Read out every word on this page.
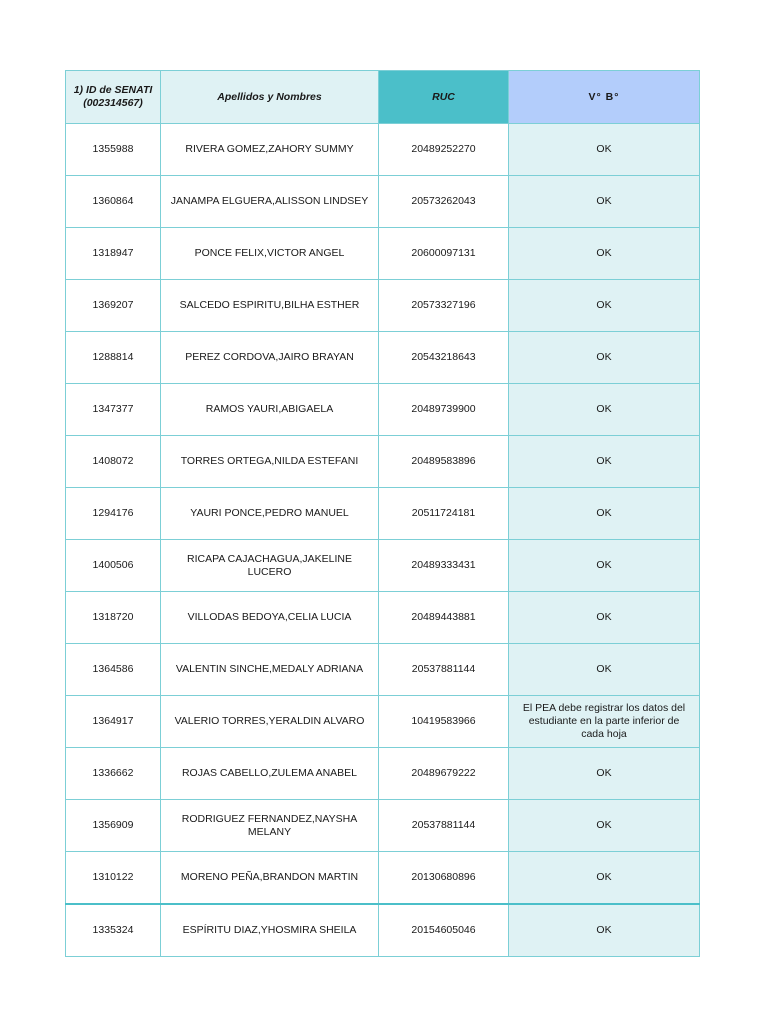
1) ID de SENATI (002314567)	Apellidos y Nombres	RUC	V° B°
1355988	RIVERA GOMEZ,ZAHORY SUMMY	20489252270	OK
1360864	JANAMPA ELGUERA,ALISSON LINDSEY	20573262043	OK
1318947	PONCE FELIX,VICTOR ANGEL	20600097131	OK
1369207	SALCEDO ESPIRITU,BILHA ESTHER	20573327196	OK
1288814	PEREZ CORDOVA,JAIRO BRAYAN	20543218643	OK
1347377	RAMOS YAURI,ABIGAELA	20489739900	OK
1408072	TORRES ORTEGA,NILDA ESTEFANI	20489583896	OK
1294176	YAURI PONCE,PEDRO MANUEL	20511724181	OK
1400506	RICAPA CAJACHAGUA,JAKELINE LUCERO	20489333431	OK
1318720	VILLODAS BEDOYA,CELIA LUCIA	20489443881	OK
1364586	VALENTIN SINCHE,MEDALY ADRIANA	20537881144	OK
1364917	VALERIO TORRES,YERALDIN ALVARO	10419583966	El PEA debe registrar los datos del estudiante en la parte inferior de cada hoja
1336662	ROJAS CABELLO,ZULEMA ANABEL	20489679222	OK
1356909	RODRIGUEZ FERNANDEZ,NAYSHA MELANY	20537881144	OK
1310122	MORENO PEÑA,BRANDON MARTIN	20130680896	OK
1335324	ESPÍRITU DIAZ,YHOSMIRA SHEILA	20154605046	OK
